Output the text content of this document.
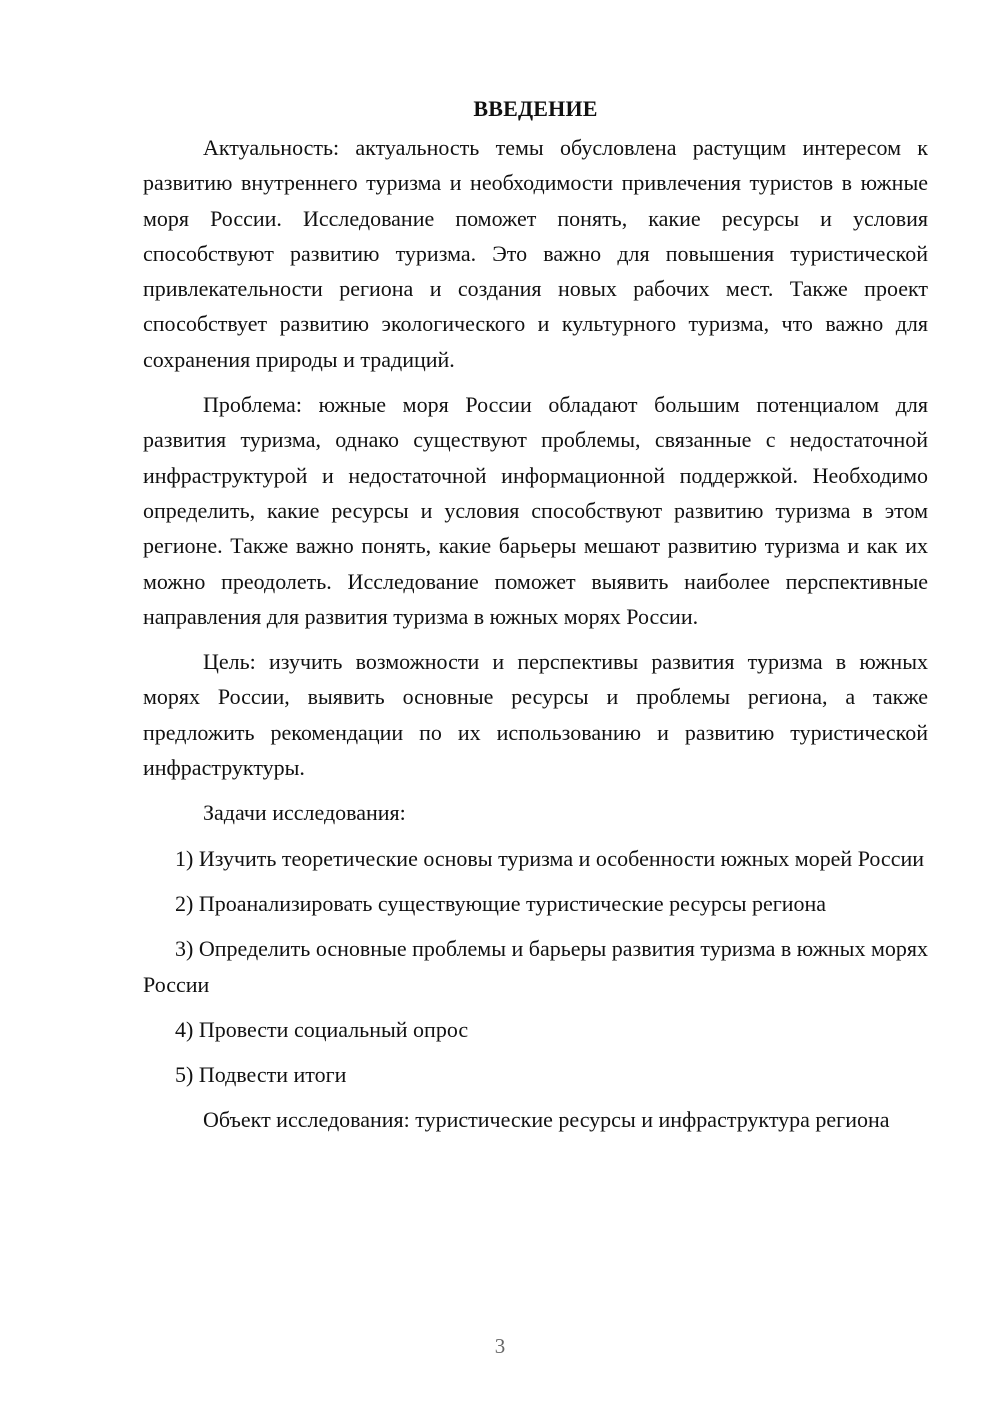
ВВЕДЕНИЕ

Актуальность: актуальность темы обусловлена растущим интересом к развитию внутреннего туризма и необходимости привлечения туристов в южные моря России. Исследование поможет понять, какие ресурсы и условия способствуют развитию туризма. Это важно для повышения туристической привлекательности региона и создания новых рабочих мест. Также проект способствует развитию экологического и культурного туризма, что важно для сохранения природы и традиций.

Проблема: южные моря России обладают большим потенциалом для развития туризма, однако существуют проблемы, связанные с недостаточной инфраструктурой и недостаточной информационной поддержкой. Необходимо определить, какие ресурсы и условия способствуют развитию туризма в этом регионе. Также важно понять, какие барьеры мешают развитию туризма и как их можно преодолеть. Исследование поможет выявить наиболее перспективные направления для развития туризма в южных морях России.

Цель: изучить возможности и перспективы развития туризма в южных морях России, выявить основные ресурсы и проблемы региона, а также предложить рекомендации по их использованию и развитию туристической инфраструктуры.

Задачи исследования:

1) Изучить теоретические основы туризма и особенности южных морей России

2) Проанализировать существующие туристические ресурсы региона

3) Определить основные проблемы и барьеры развития туризма в южных морях России

4) Провести социальный опрос

5) Подвести итоги

Объект исследования: туристические ресурсы и инфраструктура региона

3
